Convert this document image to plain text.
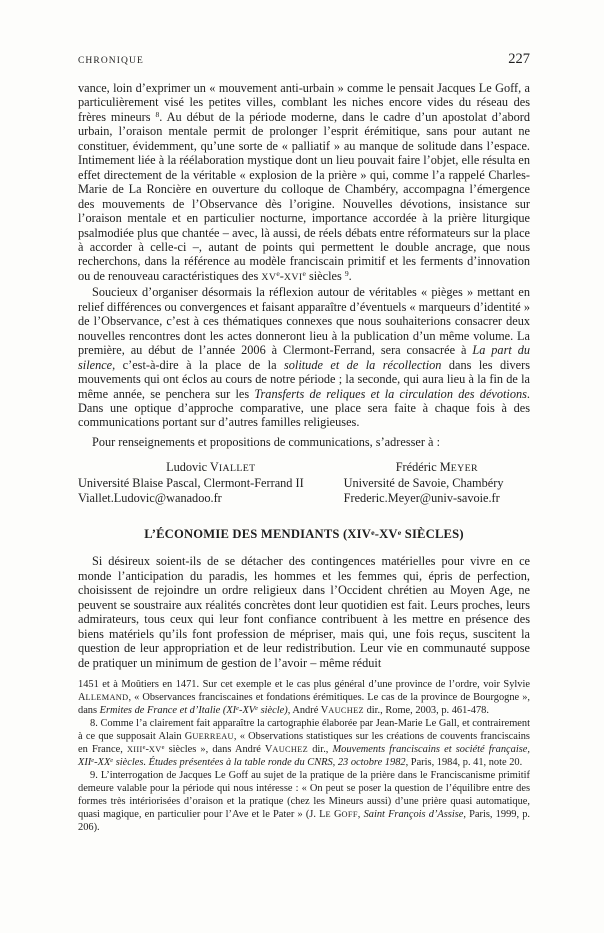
CHRONIQUE	227

vance, loin d’exprimer un « mouvement anti-urbain » comme le pensait Jacques Le Goff, a particulièrement visé les petites villes, comblant les niches encore vides du réseau des frères mineurs $^8$. Au début de la période moderne, dans le cadre d’un apostolat d’abord urbain, l’oraison mentale permit de prolonger l’esprit érémitique, sans pour autant ne constituer, évidemment, qu’une sorte de « palliatif » au manque de solitude dans l’espace. Intimement liée à la réélaboration mystique dont un lieu pouvait faire l’objet, elle résulta en effet directement de la véritable « explosion de la prière » qui, comme l’a rappelé Charles-Marie de La Roncière en ouverture du colloque de Chambéry, accompagna l’émergence des mouvements de l’Observance dès l’origine. Nouvelles dévotions, insistance sur l’oraison mentale et en particulier nocturne, importance accordée à la prière liturgique psalmodiée plus que chantée – avec, là aussi, de réels débats entre réformateurs sur la place à accorder à celle-ci –, autant de points qui permettent le double ancrage, que nous recherchons, dans la référence au modèle franciscain primitif et les ferments d’innovation ou de renouveau caractéristiques des XVe-XVIe siècles $^9$.

Soucieux d’organiser désormais la réflexion autour de véritables « pièges » mettant en relief différences ou convergences et faisant apparaître d’éventuels « marqueurs d’identité » de l’Observance, c’est à ces thématiques connexes que nous souhaiterions consacrer deux nouvelles rencontres dont les actes donneront lieu à la publication d’un même volume. La première, au début de l’année 2006 à Clermont-Ferrand, sera consacrée à La part du silence, c’est-à-dire à la place de la solitude et de la récollection dans les divers mouvements qui ont éclos au cours de notre période ; la seconde, qui aura lieu à la fin de la même année, se penchera sur les Transferts de reliques et la circulation des dévotions. Dans une optique d’approche comparative, une place sera faite à chaque fois à des communications portant sur d’autres familles religieuses.

Pour renseignements et propositions de communications, s’adresser à :

Ludovic VIALLET
Université Blaise Pascal, Clermont-Ferrand II
Viallet.Ludovic@wanadoo.fr
Frédéric MEYER
Université de Savoie, Chambéry
Frederic.Meyer@univ-savoie.fr
L’ÉCONOMIE DES MENDIANTS (XIVe-XVe SIÈCLES)

Si désireux soient-ils de se détacher des contingences matérielles pour vivre en ce monde l’anticipation du paradis, les hommes et les femmes qui, épris de perfection, choisissent de rejoindre un ordre religieux dans l’Occident chrétien au Moyen Age, ne peuvent se soustraire aux réalités concrètes dont leur quotidien est fait. Leurs proches, leurs admirateurs, tous ceux qui leur font confiance contribuent à les mettre en présence des biens matériels qu’ils font profession de mépriser, mais qui, une fois reçus, suscitent la question de leur appropriation et de leur redistribution. Leur vie en communauté suppose de pratiquer un minimum de gestion de l’avoir – même réduit

1451 et à Moûtiers en 1471. Sur cet exemple et le cas plus général d’une province de l’ordre, voir Sylvie ALLEMAND, « Observances franciscaines et fondations érémitiques. Le cas de la province de Bourgogne », dans Ermites de France et d’Italie (XIe-XVe siècle), André VAUCHEZ dir., Rome, 2003, p. 461-478.

8. Comme l’a clairement fait apparaître la cartographie élaborée par Jean-Marie Le Gall, et contrairement à ce que supposait Alain GUERREAU, « Observations statistiques sur les créations de couvents franciscains en France, XIIIe-XVe siècles », dans André VAUCHEZ dir., Mouvements franciscains et société française, XIIe-XXe siècles. Études présentées à la table ronde du CNRS, 23 octobre 1982, Paris, 1984, p. 41, note 20.

9. L’interrogation de Jacques Le Goff au sujet de la pratique de la prière dans le Franciscanisme primitif demeure valable pour la période qui nous intéresse : « On peut se poser la question de l’équilibre entre des formes très intériorisées d’oraison et la pratique (chez les Mineurs aussi) d’une prière quasi automatique, quasi magique, en particulier pour l’Ave et le Pater » (J. LE GOFF, Saint François d’Assise, Paris, 1999, p. 206).
